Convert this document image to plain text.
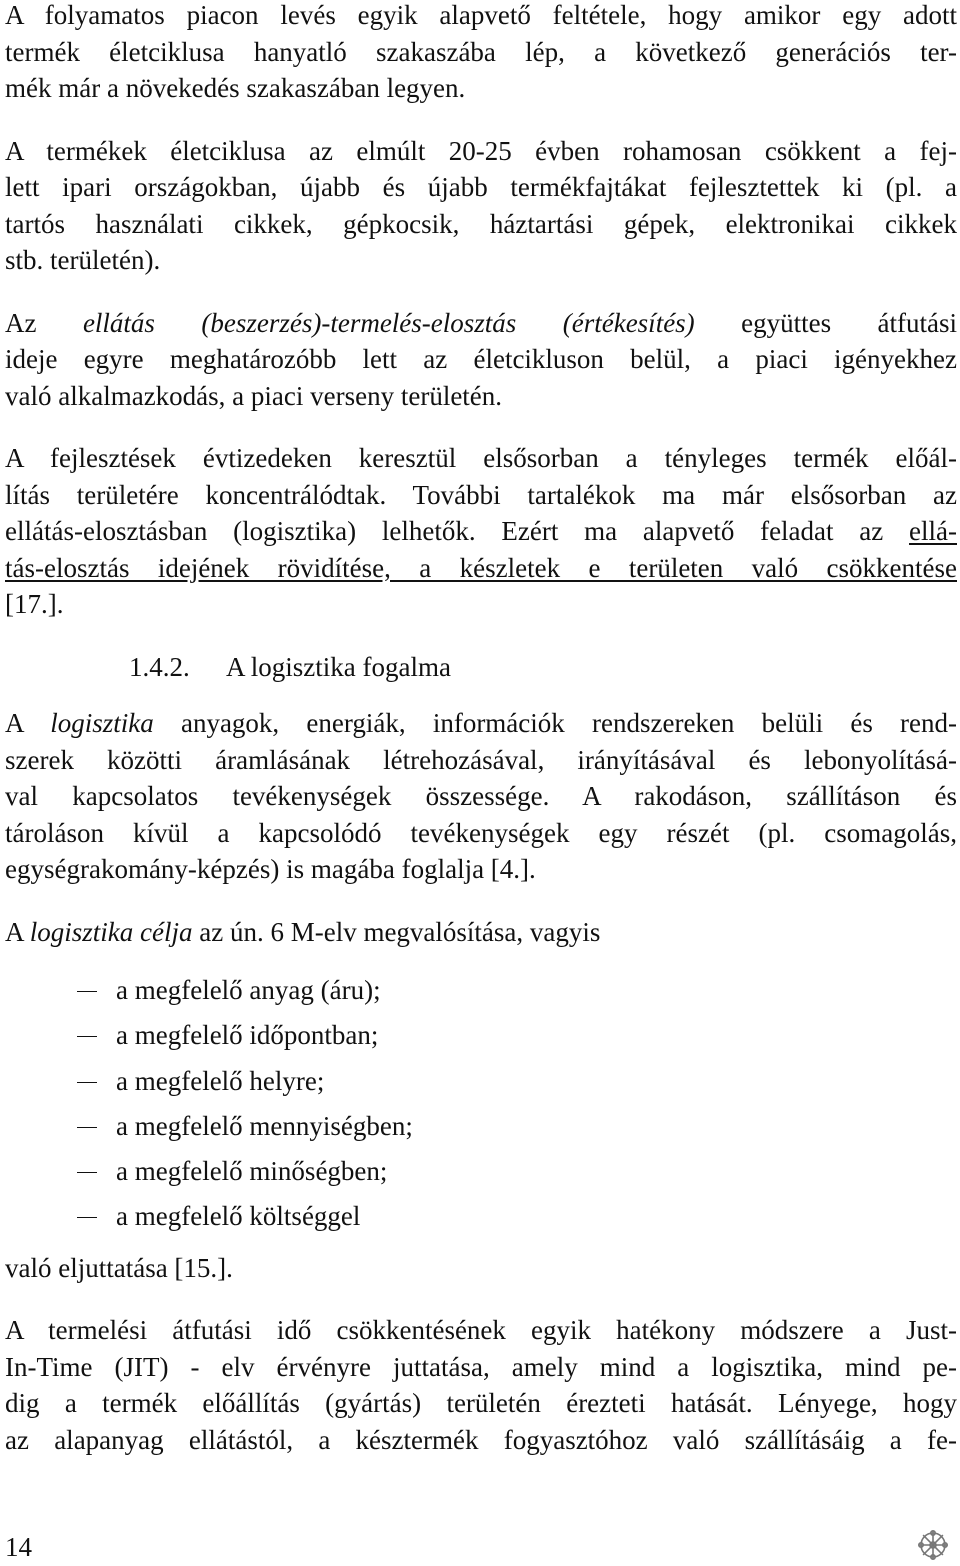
A folyamatos piacon levés egyik alapvető feltétele, hogy amikor egy adott
termék életciklusa hanyatló szakaszába lép, a következő generációs ter-
mék már a növekedés szakaszában legyen.

A termékek életciklusa az elmúlt 20-25 évben rohamosan csökkent a fej-
lett ipari országokban, újabb és újabb termékfajtákat fejlesztettek ki (pl. a
tartós használati cikkek, gépkocsik, háztartási gépek, elektronikai cikkek
stb. területén).

Az ellátás (beszerzés)-termelés-elosztás (értékesítés) együttes átfutási
ideje egyre meghatározóbb lett az életcikluson belül, a piaci igényekhez
való alkalmazkodás, a piaci verseny területén.

A fejlesztések évtizedeken keresztül elsősorban a tényleges termék előál-
lítás területére koncentrálódtak. További tartalékok ma már elsősorban az
ellátás-elosztásban (logisztika) lelhetők. Ezért ma alapvető feladat az ellá-
tás-elosztás idejének rövidítése, a készletek e területen való csökkentése
[17.].

1.4.2. A logisztika fogalma

A logisztika anyagok, energiák, információk rendszereken belüli és rend-
szerek közötti áramlásának létrehozásával, irányításával és lebonyolításá-
val kapcsolatos tevékenységek összessége. A rakodáson, szállításon és
tároláson kívül a kapcsolódó tevékenységek egy részét (pl. csomagolás,
egységrakomány-képzés) is magába foglalja [4.].

A logisztika célja az ún. 6 M-elv megvalósítása, vagyis

a megfelelő anyag (áru);
a megfelelő időpontban;
a megfelelő helyre;
a megfelelő mennyiségben;
a megfelelő minőségben;
a megfelelő költséggel

való eljuttatása [15.].

A termelési átfutási idő csökkentésének egyik hatékony módszere a Just-
In-Time (JIT) - elv érvényre juttatása, amely mind a logisztika, mind pe-
dig a termék előállítás (gyártás) területén érezteti hatását. Lényege, hogy
az alapanyag ellátástól, a késztermék fogyasztóhoz való szállításáig a fe-

14
